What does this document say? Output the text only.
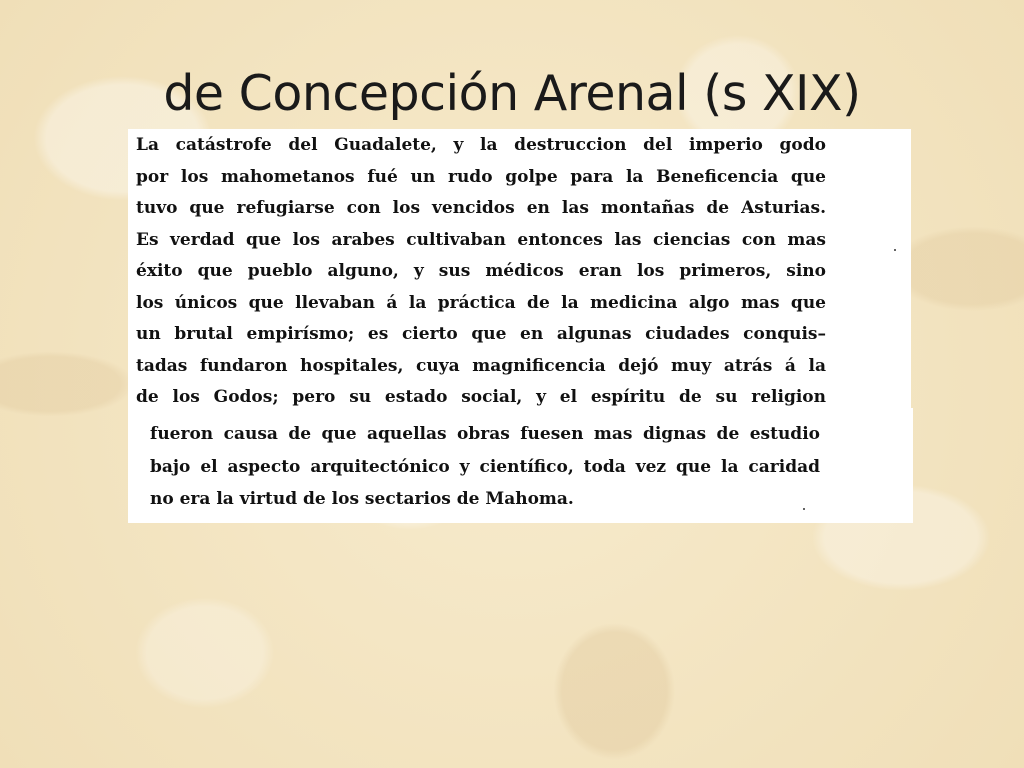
de Concepción Arenal (s XIX)
La catástrofe del Guadalete, y la destruccion del imperio godo
por los mahometanos fué un rudo golpe para la Beneficencia que
tuvo que refugiarse con los vencidos en las montañas de Asturias.
Es verdad que los arabes cultivaban entonces las ciencias con mas
éxito que pueblo alguno, y sus médicos eran los primeros, sino
los únicos que llevaban á la práctica de la medicina algo mas que
un brutal empirísmo; es cierto que en algunas ciudades conquis–
tadas fundaron hospitales, cuya magnificencia dejó muy atrás á la
de los Godos; pero su estado social, y el espíritu de su religion
fueron causa de que aquellas obras fuesen mas dignas de estudio
bajo el aspecto arquitectónico y científico, toda vez que la caridad
no era la virtud de los sectarios de Mahoma.
